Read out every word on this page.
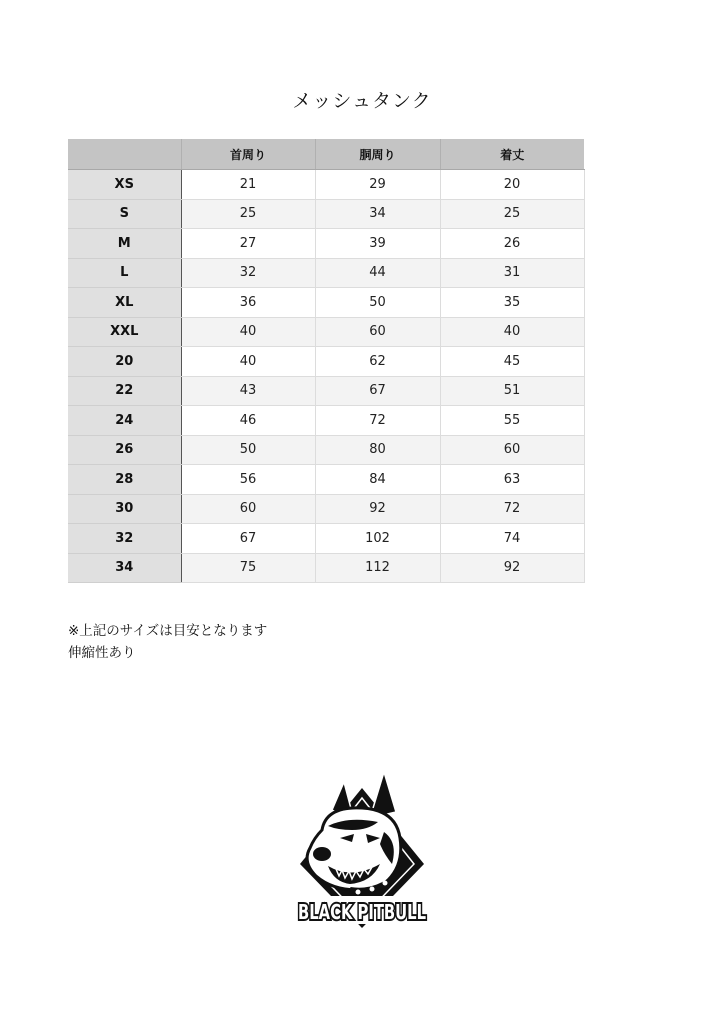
メッシュタンク
	首周り	胴周り	着丈
XS	21	29	20
S	25	34	25
M	27	39	26
L	32	44	31
XL	36	50	35
XXL	40	60	40
20	40	62	45
22	43	67	51
24	46	72	55
26	50	80	60
28	56	84	63
30	60	92	72
32	67	102	74
34	75	112	92
※上記のサイズは目安となります
伸縮性あり
BLACK PITBULL
